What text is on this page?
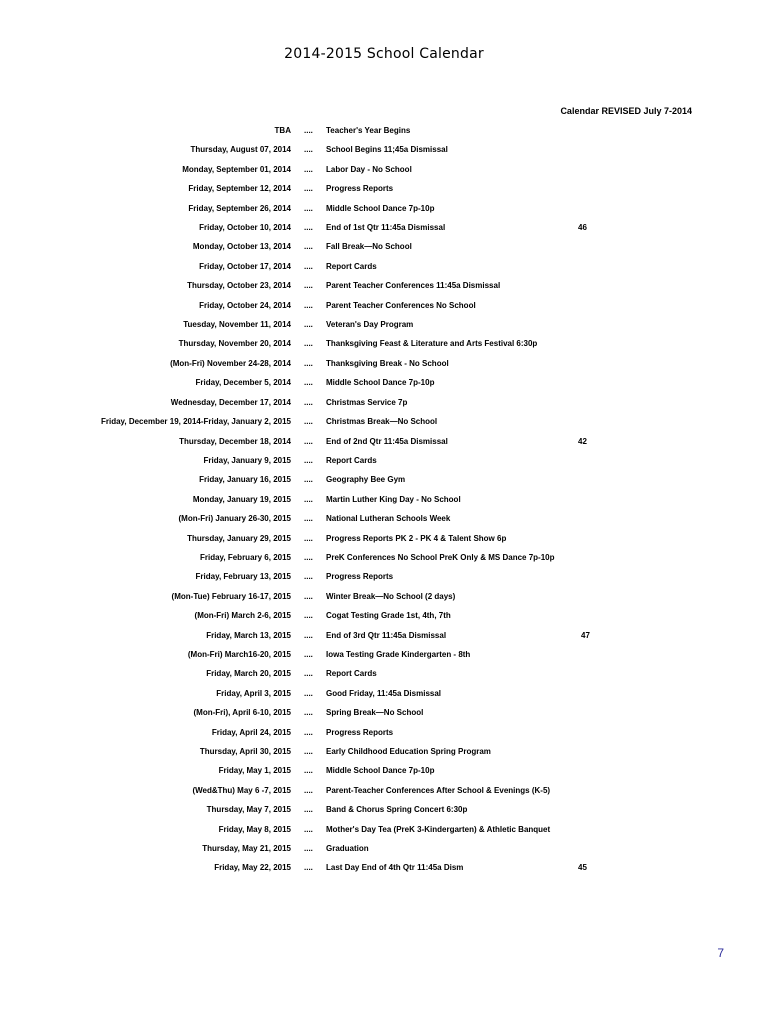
2014-2015 School Calendar
Calendar REVISED July 7-2014
TBA .... Teacher's Year Begins
Thursday, August 07, 2014 .... School Begins 11;45a Dismissal
Monday, September 01, 2014 .... Labor Day - No School
Friday, September 12, 2014 .... Progress Reports
Friday, September 26, 2014 .... Middle School Dance 7p-10p
Friday, October 10, 2014 .... End of 1st Qtr 11:45a Dismissal	46
Monday, October 13, 2014 .... Fall Break—No School
Friday, October 17, 2014 .... Report Cards
Thursday, October 23, 2014 .... Parent Teacher Conferences 11:45a Dismissal
Friday, October 24, 2014 .... Parent Teacher Conferences No School
Tuesday, November 11, 2014 .... Veteran's Day Program
Thursday, November 20, 2014 .... Thanksgiving Feast & Literature and Arts Festival 6:30p
(Mon-Fri) November 24-28, 2014 .... Thanksgiving Break - No School
Friday, December 5, 2014 .... Middle School Dance 7p-10p
Wednesday, December 17, 2014 .... Christmas Service 7p
Friday, December 19, 2014-Friday, January 2, 2015 .... Christmas Break—No School
Thursday, December 18, 2014 .... End of 2nd Qtr 11:45a Dismissal	42
Friday, January 9, 2015 .... Report Cards
Friday, January 16, 2015 .... Geography Bee Gym
Monday, January 19, 2015 .... Martin Luther King Day - No School
(Mon-Fri) January 26-30, 2015 .... National Lutheran Schools Week
Thursday, January 29, 2015 .... Progress Reports PK 2 - PK 4 & Talent Show 6p
Friday, February 6, 2015 .... PreK Conferences No School PreK Only & MS Dance 7p-10p
Friday, February 13, 2015 .... Progress Reports
(Mon-Tue) February 16-17, 2015 .... Winter Break—No School (2 days)
(Mon-Fri) March 2-6, 2015 .... Cogat Testing Grade 1st, 4th, 7th
Friday, March 13, 2015 .... End of 3rd Qtr 11:45a Dismissal	47
(Mon-Fri) March16-20, 2015 .... Iowa Testing Grade Kindergarten - 8th
Friday, March 20, 2015 .... Report Cards
Friday, April 3, 2015 .... Good Friday, 11:45a Dismissal
(Mon-Fri), April 6-10, 2015 .... Spring Break—No School
Friday, April 24, 2015 .... Progress Reports
Thursday, April 30, 2015 .... Early Childhood Education Spring Program
Friday, May 1, 2015 .... Middle School Dance 7p-10p
(Wed&Thu) May 6 -7, 2015 .... Parent-Teacher Conferences After School & Evenings (K-5)
Thursday, May 7, 2015 .... Band & Chorus Spring Concert 6:30p
Friday, May 8, 2015 .... Mother's Day Tea (PreK 3-Kindergarten) & Athletic Banquet
Thursday, May 21, 2015 .... Graduation
Friday, May 22, 2015 .... Last Day End of 4th Qtr 11:45a Dism	45
7
